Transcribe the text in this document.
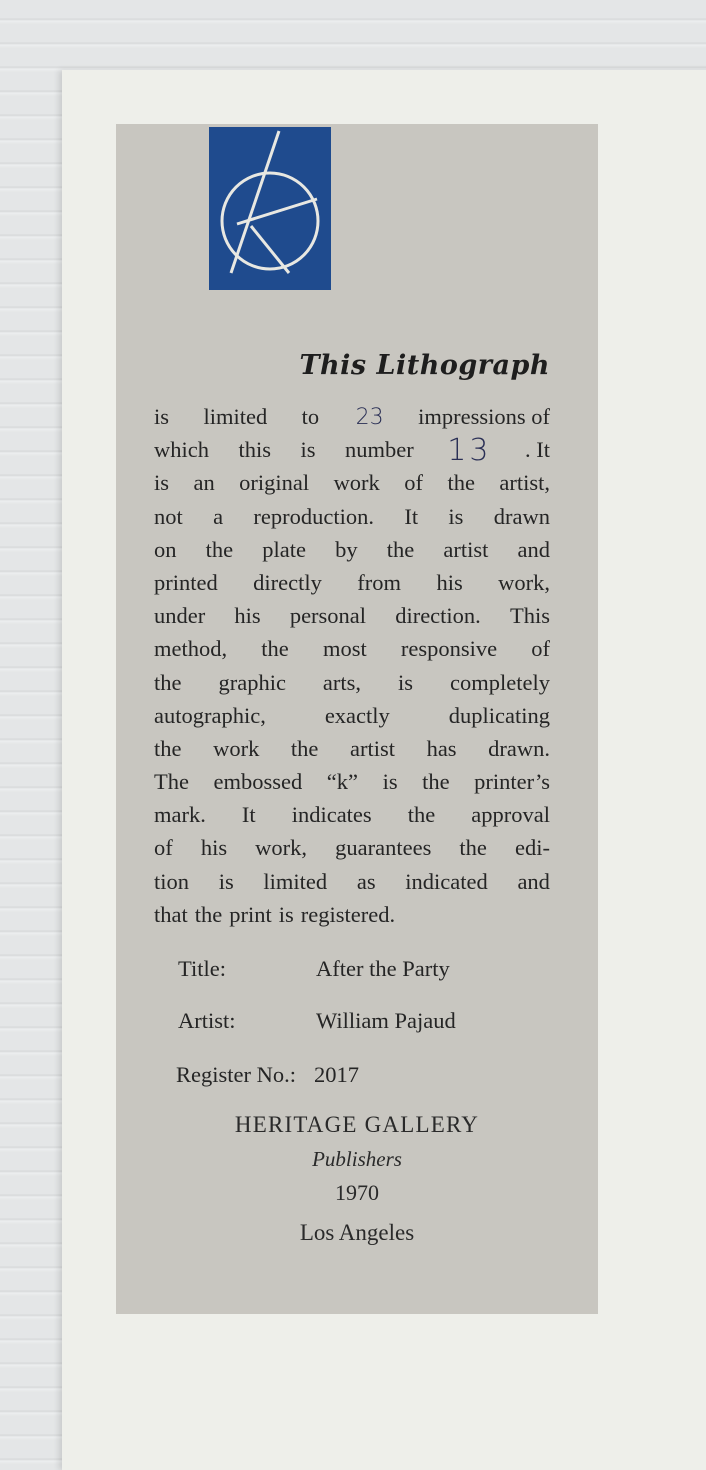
This Lithograph
is limited to 23 impressions of
which this is number 13 . It
is an original work of the artist,
not a reproduction. It is drawn
on the plate by the artist and
printed directly from his work,
under his personal direction. This
method, the most responsive of
the graphic arts, is completely
autographic,	exactly	duplicating
the work the artist has drawn.
The embossed “k” is the printer’s
mark. It indicates the approval
of his work, guarantees the edi-
tion is limited as indicated and
that the print is registered.
Title:	After the Party
Artist:	William Pajaud
Register No.: 2017
HERITAGE GALLERY
Publishers
1970
Los Angeles
